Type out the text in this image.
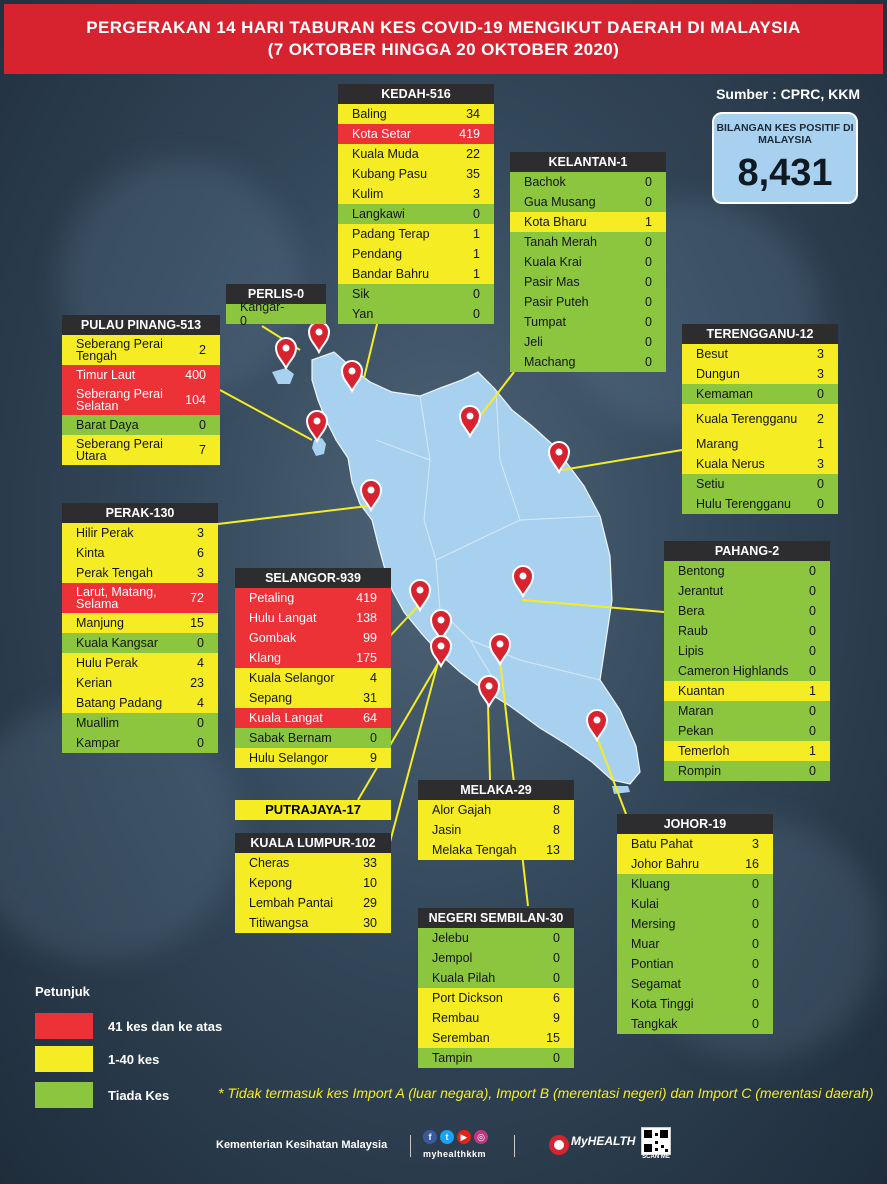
PERGERAKAN 14 HARI TABURAN KES COVID-19 MENGIKUT DAERAH DI MALAYSIA
(7 OKTOBER HINGGA 20 OKTOBER 2020)
Sumber : CPRC, KKM
BILANGAN KES POSITIF DI MALAYSIA
8,431
KEDAH-516
Baling	34
Kota Setar	419
Kuala Muda	22
Kubang Pasu	35
Kulim	3
Langkawi	0
Padang Terap	1
Pendang	1
Bandar Bahru	1
Sik	0
Yan	0
KELANTAN-1
Bachok	0
Gua Musang	0
Kota Bharu	1
Tanah Merah	0
Kuala Krai	0
Pasir Mas	0
Pasir Puteh	0
Tumpat	0
Jeli	0
Machang	0
PERLIS-0
Kangar-0
PULAU PINANG-513
Seberang Perai Tengah	2
Timur Laut	400
Seberang Perai Selatan	104
Barat Daya	0
Seberang Perai Utara	7
TERENGGANU-12
Besut	3
Dungun	3
Kemaman	0
Kuala Terengganu	2
Marang	1
Kuala Nerus	3
Setiu	0
Hulu Terengganu	0
PERAK-130
Hilir Perak	3
Kinta	6
Perak Tengah	3
Larut, Matang, Selama	72
Manjung	15
Kuala Kangsar	0
Hulu Perak	4
Kerian	23
Batang Padang	4
Muallim	0
Kampar	0
SELANGOR-939
Petaling	419
Hulu Langat	138
Gombak	99
Klang	175
Kuala Selangor	4
Sepang	31
Kuala Langat	64
Sabak Bernam	0
Hulu Selangor	9
PAHANG-2
Bentong	0
Jerantut	0
Bera	0
Raub	0
Lipis	0
Cameron Highlands	0
Kuantan	1
Maran	0
Pekan	0
Temerloh	1
Rompin	0
PUTRAJAYA-17
KUALA LUMPUR-102
Cheras	33
Kepong	10
Lembah Pantai	29
Titiwangsa	30
MELAKA-29
Alor Gajah	8
Jasin	8
Melaka Tengah	13
NEGERI SEMBILAN-30
Jelebu	0
Jempol	0
Kuala Pilah	0
Port Dickson	6
Rembau	9
Seremban	15
Tampin	0
JOHOR-19
Batu Pahat	3
Johor Bahru	16
Kluang	0
Kulai	0
Mersing	0
Muar	0
Pontian	0
Segamat	0
Kota Tinggi	0
Tangkak	0
Petunjuk
41 kes dan ke atas
1-40 kes
Tiada Kes	* Tidak termasuk kes Import A (luar negara), Import B (merentasi negeri) dan Import C (merentasi daerah)
Kementerian Kesihatan Malaysia
f	t	▶	◎
myhealthkkm
MyHEALTH
SCAN ME
